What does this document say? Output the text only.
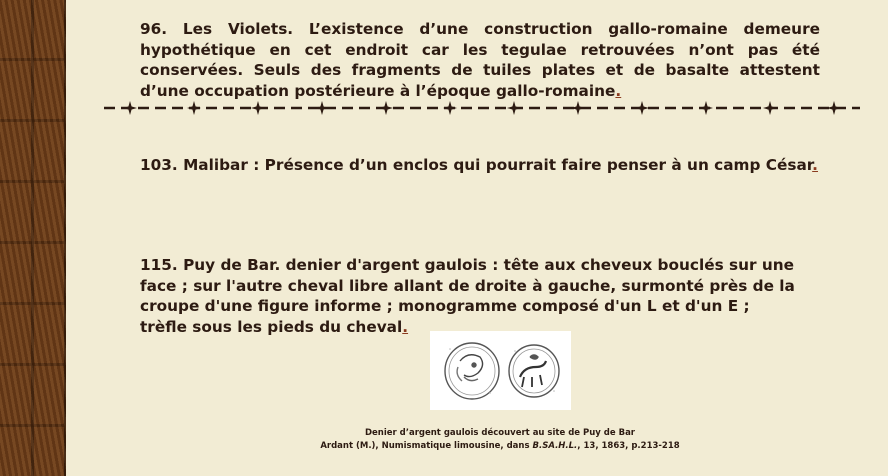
96. Les Violets. L’existence d’une construction gallo-romaine demeure hypothétique en cet endroit car les tegulae retrouvées n’ont pas été conservées. Seuls des fragments de tuiles plates et de basalte attestent d’une occupation postérieure à l’époque gallo-romaine.

103. Malibar : Présence d’un enclos qui pourrait faire penser à un camp César.

115. Puy de Bar. denier d'argent gaulois : tête aux cheveux bouclés sur une face ; sur l'autre cheval libre allant de droite à gauche, surmonté près de la croupe d'une figure informe ; monogramme composé d'un L et d'un E ; trèfle sous les pieds du cheval.

Denier d’argent gaulois découvert au site de Puy de Bar
Ardant (M.), Numismatique limousine, dans B.SA.H.L., 13, 1863, p.213-218
